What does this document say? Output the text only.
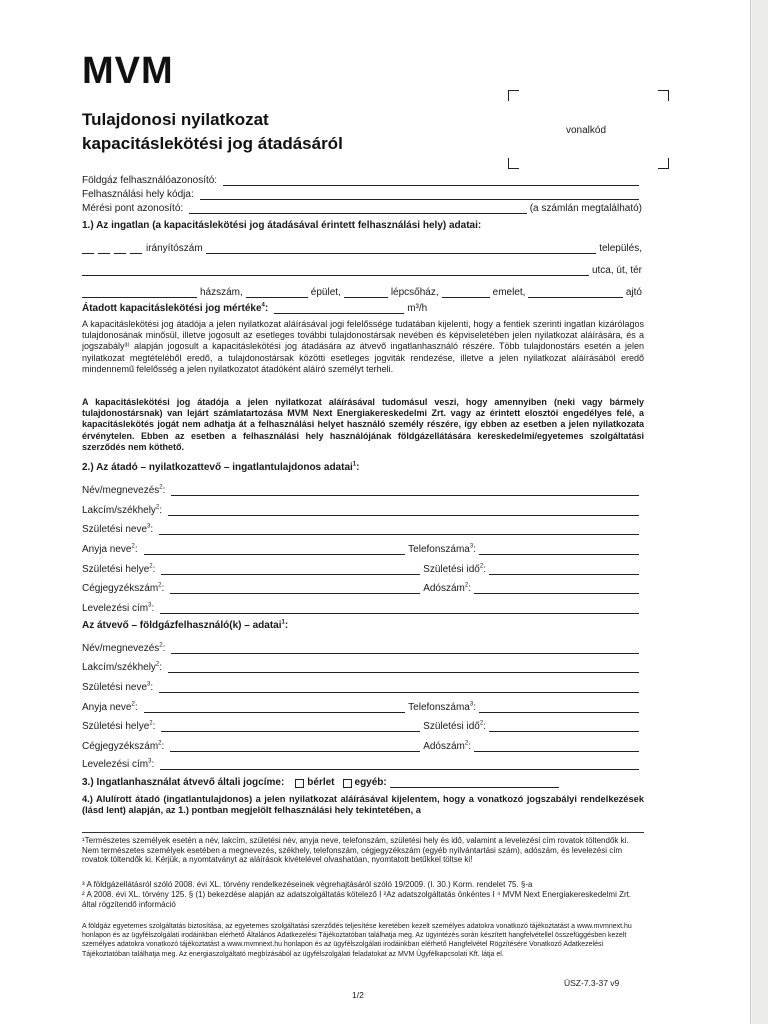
MVM
Tulajdonosi nyilatkozat
kapacitáslekötési jog átadásáról
vonalkód
Földgáz felhasználóazonosító:
Felhasználási hely kódja:
Mérési pont azonosító:	(a számlán megtalálható)
1.) Az ingatlan (a kapacitáslekötési jog átadásával érintett felhasználási hely) adatai:
irányítószám	település,
utca, út, tér
házszám,	épület,	lépcsőház,	emelet,	ajtó
Átadott kapacitáslekötési jog mértéke$^4$:	m³/h

A kapacitáslekötési jog átadója a jelen nyilatkozat aláírásával jogi felelőssége tudatában kijelenti, hogy a fentiek szerinti ingatlan kizárólagos tulajdonosának minősül, illetve jogosult az esetleges további tulajdonostársak nevében és képviseletében jelen nyilatkozat aláírására, és a jogszabály³⁾ alapján jogosult a kapacitáslekötési jog átadására az átvevő ingatlanhasználó részére. Több tulajdonostárs esetén a jelen nyilatkozat megtételéből eredő, a tulajdonostársak közötti esetleges jogviták rendezése, illetve a jelen nyilatkozat aláírásából eredő mindennemű felelősség a jelen nyilatkozatot átadóként aláíró személyt terheli.

A kapacitáslekötési jog átadója a jelen nyilatkozat aláírásával tudomásul veszi, hogy amennyiben (neki vagy bármely tulajdonostársnak) van lejárt számlatartozása MVM Next Energiakereskedelmi Zrt. vagy az érintett elosztói engedélyes felé, a kapacitáslekötés jogát nem adhatja át a felhasználási helyet használó személy részére, így ebben az esetben a jelen nyilatkozata érvénytelen. Ebben az esetben a felhasználási hely használójának földgázellátására kereskedelmi/egyetemes szolgáltatási szerződés nem köthető.

2.) Az átadó – nyilatkozattevő – ingatlantulajdonos adatai$^1$:
Név/megnevezés$^2$:
Lakcím/székhely$^2$:
Születési neve$^3$:
Anyja neve$^2$:	Telefonszáma$^3$:
Születési helye$^2$:	Születési idő$^2$:
Cégjegyzékszám$^2$:	Adószám$^2$:
Levelezési cím$^3$:
Az átvevő – földgázfelhasználó(k) – adatai$^1$:
Név/megnevezés$^2$:
Lakcím/székhely$^2$:
Születési neve$^3$:
Anyja neve$^2$:	Telefonszáma$^3$:
Születési helye$^2$:	Születési idő$^2$:
Cégjegyzékszám$^2$:	Adószám$^2$:
Levelezési cím$^3$:
3.) Ingatlanhasználat átvevő általi jogcíme:	bérlet egyéb:

4.) Alulírott átadó (ingatlantulajdonos) a jelen nyilatkozat aláírásával kijelentem, hogy a vonatkozó jogszabályi rendelkezések (lásd lent) alapján, az 1.) pontban megjelölt felhasználási hely tekintetében, a

¹Természetes személyek esetén a név, lakcím, születési név, anyja neve, telefonszám, születési hely és idő, valamint a levelezési cím rovatok töltendők ki. Nem természetes személyek esetében a megnevezés, székhely, telefonszám, cégjegyzékszám (egyéb nyilvántartási szám), adószám, és levelezési cím rovatok töltendők ki. Kérjük, a nyomtatványt az aláírások kivételével olvashatóan, nyomtatott betűkkel töltse ki!

³ A földgázellátásról szóló 2008. évi XL. törvény rendelkezéseinek végrehajtásáról szóló 19/2009. (I. 30.) Korm. rendelet 75. §-a

² A 2008. évi XL. törvény 125. § (1) bekezdése alapján az adatszolgáltatás kötelező I ²Az adatszolgáltatás önkéntes I ⁴ MVM Next Energiakereskedelmi Zrt. által rögzítendő információ

A földgáz egyetemes szolgáltatás biztosítása, az egyetemes szolgáltatási szerződés teljesítése keretében kezelt személyes adatokra vonatkozó tájékoztatást a www.mvmnext.hu honlapon és az ügyfélszolgálati irodáinkban elérhető Általános Adatkezelési Tájékoztatóban találhatja meg. Az ügyintézés során készített hangfelvétellel összefüggésben kezelt személyes adatokra vonatkozó tájékoztatást a www.mvmnext.hu honlapon és az ügyfélszolgálati irodáinkban elérhető Hangfelvétel Rögzítésére Vonatkozó Adatkezelési Tájékoztatóban találhatja meg. Az energiaszolgáltató megbízásából az ügyfélszolgálati feladatokat az MVM Ügyfélkapcsolati Kft. látja el.

ÜSZ-7.3-37 v9
1/2
